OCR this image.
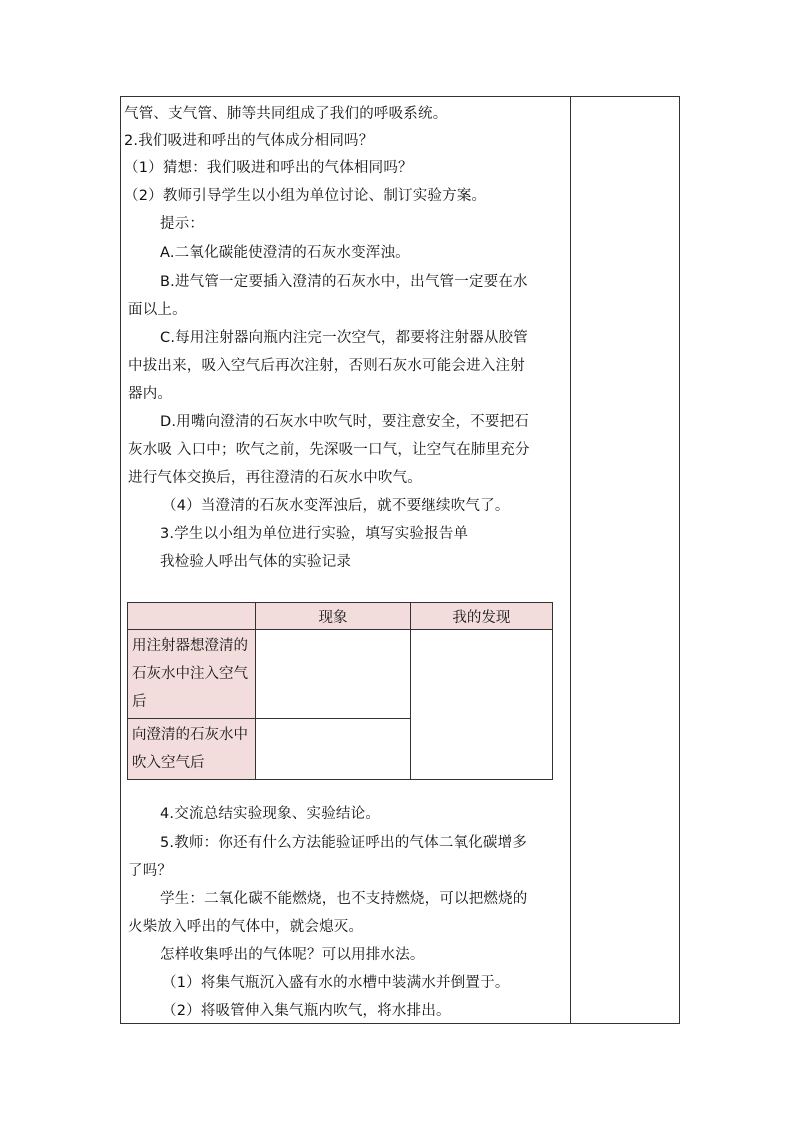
气管、支气管、肺等共同组成了我们的呼吸系统。
2.我们吸进和呼出的气体成分相同吗？
（1）猜想：我们吸进和呼出的气体相同吗？
（2）教师引导学生以小组为单位讨论、制订实验方案。
提示：
A.二氧化碳能使澄清的石灰水变浑浊。
B.进气管一定要插入澄清的石灰水中，出气管一定要在水
面以上。
C.每用注射器向瓶内注完一次空气，都要将注射器从胶管
中拔出来，吸入空气后再次注射，否则石灰水可能会进入注射
器内。
D.用嘴向澄清的石灰水中吹气时，要注意安全，不要把石
灰水吸 入口中；吹气之前，先深吸一口气，让空气在肺里充分
进行气体交换后，再往澄清的石灰水中吹气。
（4）当澄清的石灰水变浑浊后，就不要继续吹气了。
3.学生以小组为单位进行实验，填写实验报告单
我检验人呼出气体的实验记录
	现象	我的发现
用注射器想澄清的石灰水中注入空气后		
向澄清的石灰水中吹入空气后		
4.交流总结实验现象、实验结论。
5.教师：你还有什么方法能验证呼出的气体二氧化碳增多
了吗？
学生：二氧化碳不能燃烧，也不支持燃烧，可以把燃烧的
火柴放入呼出的气体中，就会熄灭。
怎样收集呼出的气体呢？可以用排水法。
（1）将集气瓶沉入盛有水的水槽中装满水并倒置于。
（2）将吸管伸入集气瓶内吹气，将水排出。
